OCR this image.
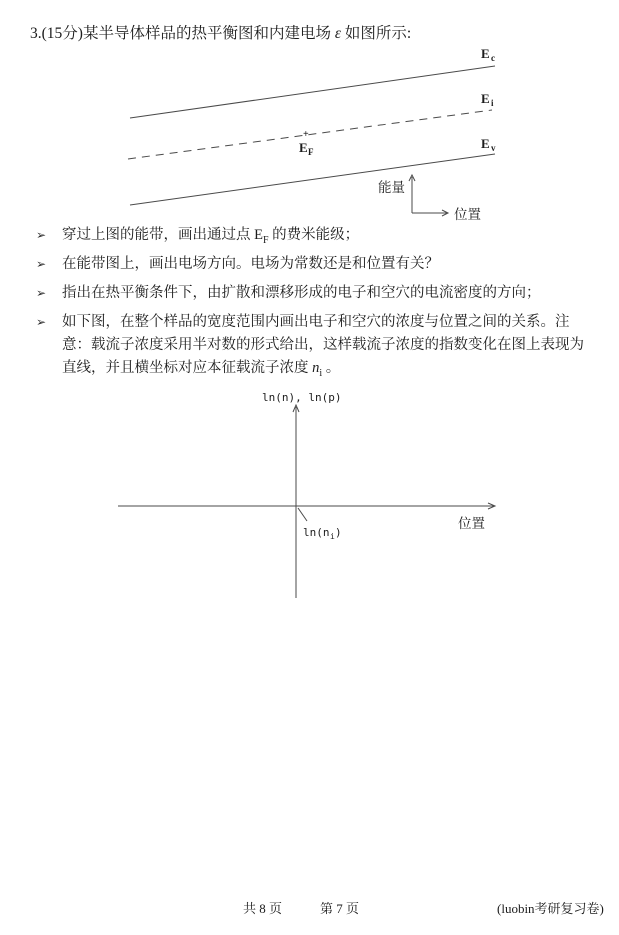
3.(15分)某半导体样品的热平衡图和内建电场 ε 如图所示:
E c
E i
E v
+
E F
能量
位置
➢	穿过上图的能带，画出通过点 $E_F$ 的费米能级；
➢	在能带图上，画出电场方向。电场为常数还是和位置有关？
➢	指出在热平衡条件下，由扩散和漂移形成的电子和空穴的电流密度的方向；
➢	如下图，在整个样品的宽度范围内画出电子和空穴的浓度与位置之间的关系。注意：载流子浓度采用半对数的形式给出，这样载流子浓度的指数变化在图上表现为直线，并且横坐标对应本征载流子浓度 $n_i$ 。
ln(n), ln(p)
ln(n i )
位置
共 8 页	第 7 页	(luobin考研复习卷)
